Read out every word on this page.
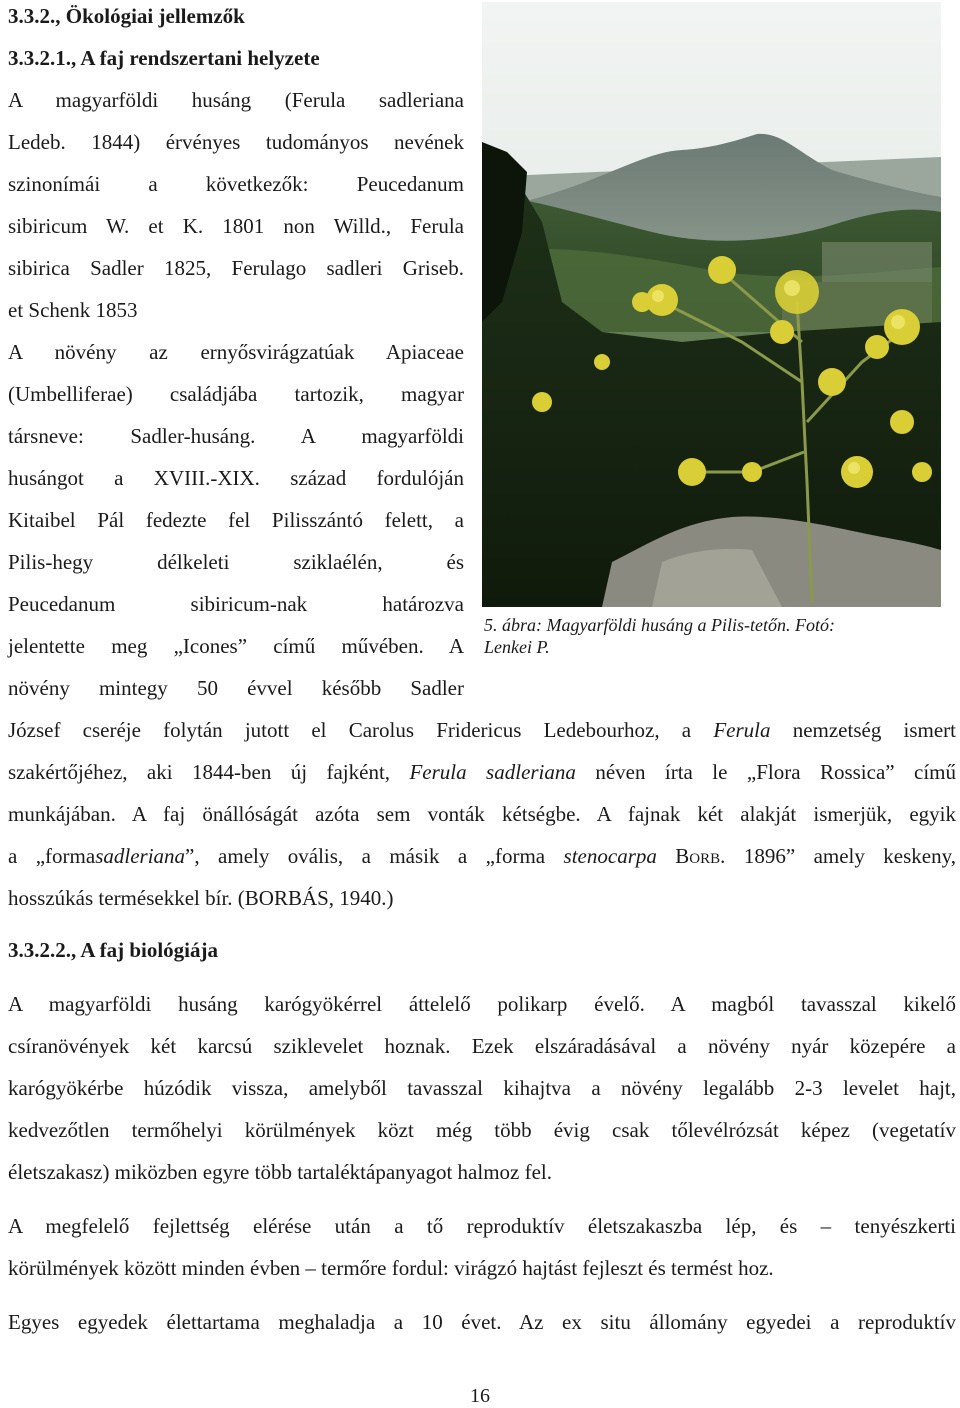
3.3.2., Ökológiai jellemzők
3.3.2.1., A faj rendszertani helyzete
A magyarföldi husáng (Ferula sadleriana
Ledeb. 1844) érvényes tudományos nevének
szinonímái a következők: Peucedanum
sibiricum W. et K. 1801 non Willd., Ferula
sibirica Sadler 1825, Ferulago sadleri Griseb.
et Schenk 1853
A növény az ernyősvirágzatúak Apiaceae
(Umbelliferae) családjába tartozik, magyar
társneve: Sadler-husáng. A magyarföldi
husángot a XVIII.-XIX. század fordulóján
Kitaibel Pál fedezte fel Pilisszántó felett, a
Pilis-hegy délkeleti sziklaélén, és
Peucedanum sibiricum-nak határozva
jelentette meg „Icones” című művében. A
növény mintegy 50 évvel később Sadler
5. ábra: Magyarföldi husáng a Pilis-tetőn. Fotó:
Lenkei P.
József cseréje folytán jutott el Carolus Fridericus Ledebourhoz, a Ferula nemzetség ismert
szakértőjéhez, aki 1844-ben új fajként, Ferula sadleriana néven írta le „Flora Rossica” című
munkájában. A faj önállóságát azóta sem vonták kétségbe. A fajnak két alakját ismerjük, egyik
a „formasadleriana”, amely ovális, a másik a „forma stenocarpa Borb. 1896” amely keskeny,
hosszúkás termésekkel bír. (BORBÁS, 1940.)
3.3.2.2., A faj biológiája
A magyarföldi husáng karógyökérrel áttelelő polikarp évelő. A magból tavasszal kikelő
csíranövények két karcsú sziklevelet hoznak. Ezek elszáradásával a növény nyár közepére a
karógyökérbe húzódik vissza, amelyből tavasszal kihajtva a növény legalább 2-3 levelet hajt,
kedvezőtlen termőhelyi körülmények közt még több évig csak tőlevélrózsát képez (vegetatív
életszakasz) miközben egyre több tartaléktápanyagot halmoz fel.
A megfelelő fejlettség elérése után a tő reproduktív életszakaszba lép, és – tenyészkerti
körülmények között minden évben – termőre fordul: virágzó hajtást fejleszt és termést hoz.
Egyes egyedek élettartama meghaladja a 10 évet. Az ex situ állomány egyedei a reproduktív
16
